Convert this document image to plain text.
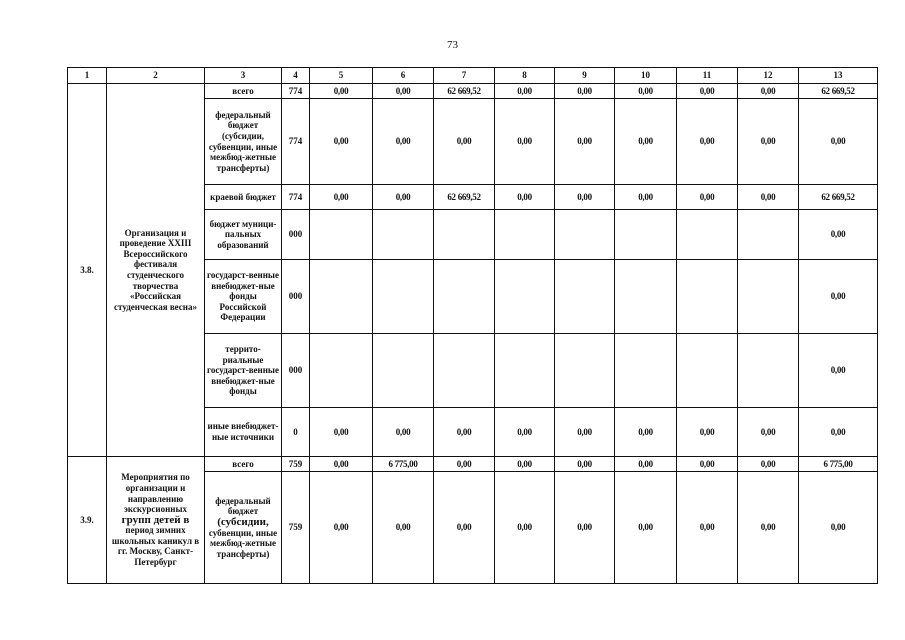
73
1	2	3	4	5	6	7	8	9	10	11	12	13
3.8.	Организация и проведение XXIII Всероссийского фестиваля студенческого творчества «Российская студенческая весна»	всего	774	0,00	0,00	62 669,52	0,00	0,00	0,00	0,00	0,00	62 669,52
		федеральный бюджет (субсидии, субвенции, иные межбюд-жетные трансферты)	774	0,00	0,00	0,00	0,00	0,00	0,00	0,00	0,00	0,00
		краевой бюджет	774	0,00	0,00	62 669,52	0,00	0,00	0,00	0,00	0,00	62 669,52
		бюджет муници-пальных образований	000									0,00
		государст-венные внебюджет-ные фонды Российской Федерации	000									0,00
		террито-риальные государст-венные внебюджет-ные фонды	000									0,00
		иные внебюджет-ные источники	0	0,00	0,00	0,00	0,00	0,00	0,00	0,00	0,00	0,00
3.9.	Мероприятия по организации и направлению экскурсионных групп детей в период зимних школьных каникул в гг. Москву, Санкт-Петербург	всего	759	0,00	6 775,00	0,00	0,00	0,00	0,00	0,00	0,00	6 775,00
		федеральный бюджет (субсидии, субвенции, иные межбюд-жетные трансферты)	759	0,00	0,00	0,00	0,00	0,00	0,00	0,00	0,00	0,00
